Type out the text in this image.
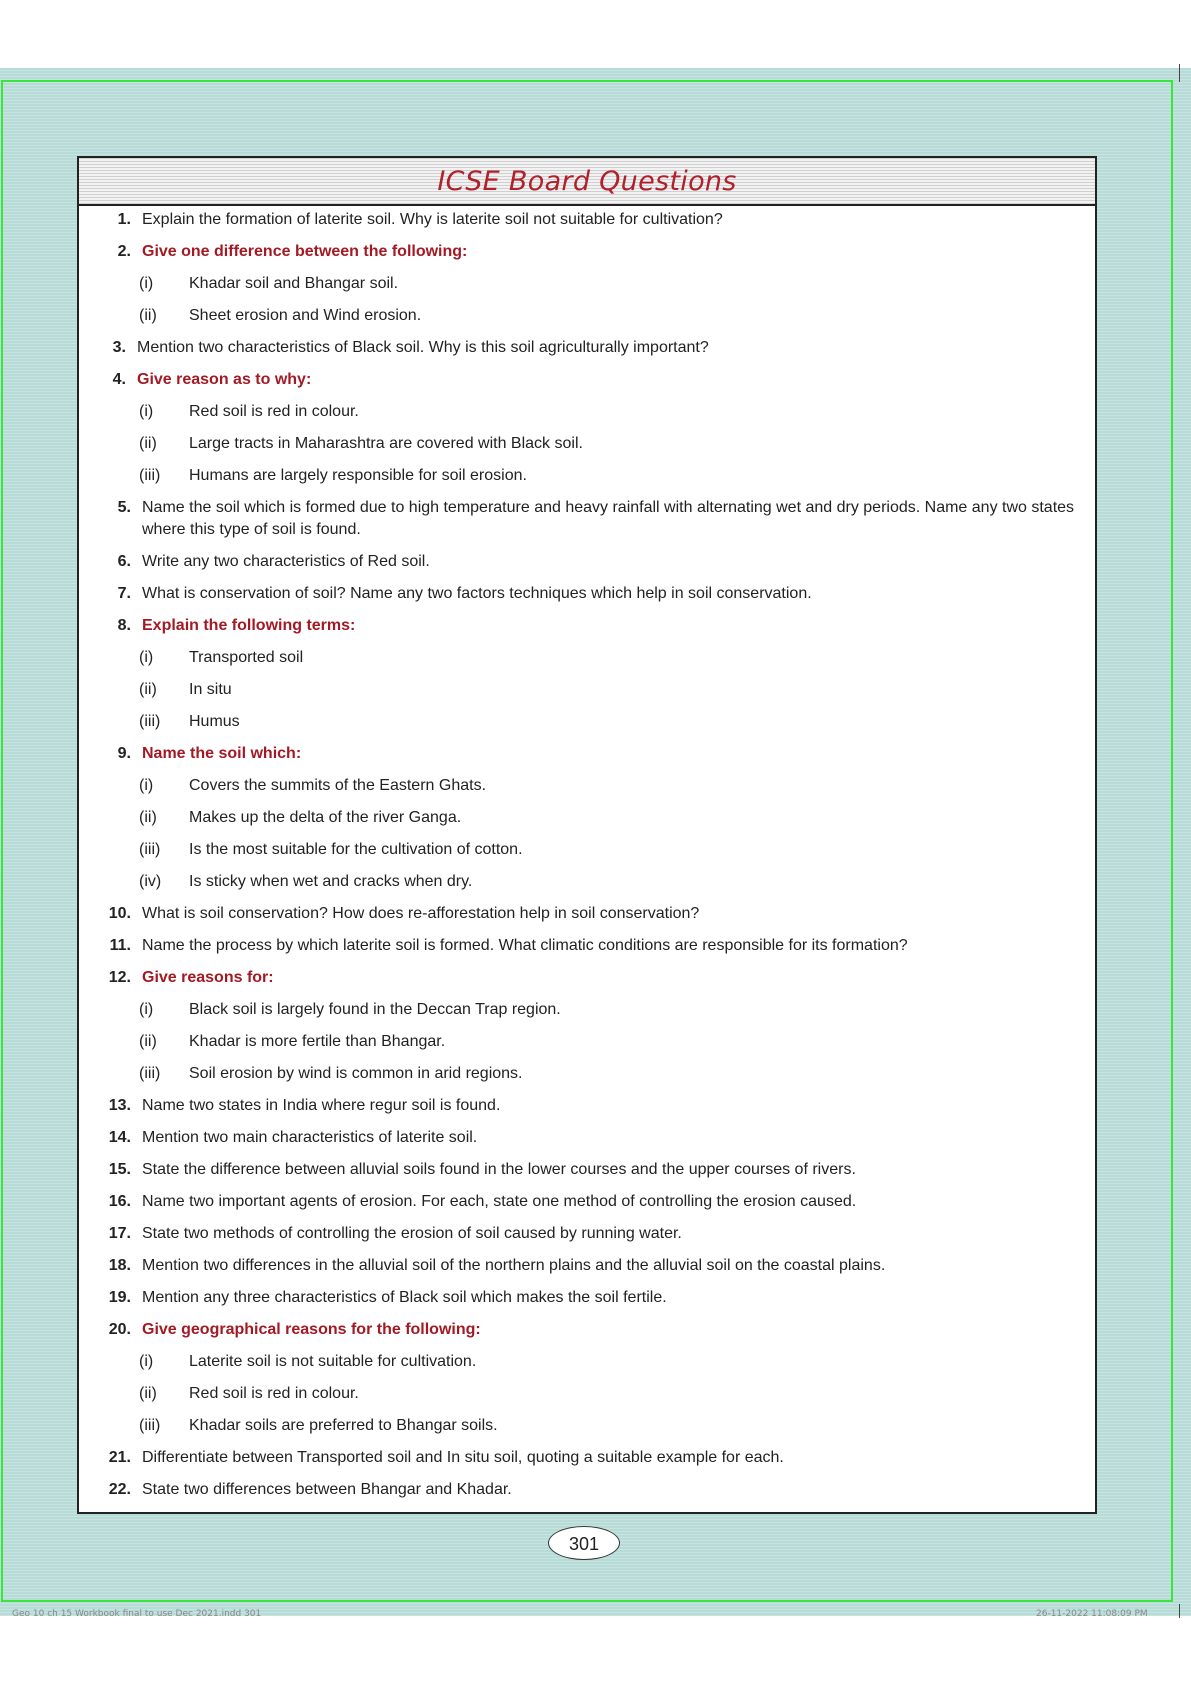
ICSE Board Questions
1. Explain the formation of laterite soil. Why is laterite soil not suitable for cultivation?
2. Give one difference between the following:
(i)	Khadar soil and Bhangar soil.
(ii)	Sheet erosion and Wind erosion.
3. Mention two characteristics of Black soil. Why is this soil agriculturally important?
4. Give reason as to why:
(i)	Red soil is red in colour.
(ii)	Large tracts in Maharashtra are covered with Black soil.
(iii)	Humans are largely responsible for soil erosion.
5. Name the soil which is formed due to high temperature and heavy rainfall with alternating wet and dry periods. Name any two states where this type of soil is found.
6. Write any two characteristics of Red soil.
7. What is conservation of soil? Name any two factors techniques which help in soil conservation.
8. Explain the following terms:
(i)	Transported soil
(ii)	In situ
(iii)	Humus
9. Name the soil which:
(i)	Covers the summits of the Eastern Ghats.
(ii)	Makes up the delta of the river Ganga.
(iii)	Is the most suitable for the cultivation of cotton.
(iv)	Is sticky when wet and cracks when dry.
10. What is soil conservation? How does re-afforestation help in soil conservation?
11. Name the process by which laterite soil is formed. What climatic conditions are responsible for its formation?
12. Give reasons for:
(i)	Black soil is largely found in the Deccan Trap region.
(ii)	Khadar is more fertile than Bhangar.
(iii)	Soil erosion by wind is common in arid regions.
13. Name two states in India where regur soil is found.
14. Mention two main characteristics of laterite soil.
15. State the difference between alluvial soils found in the lower courses and the upper courses of rivers.
16. Name two important agents of erosion. For each, state one method of controlling the erosion caused.
17. State two methods of controlling the erosion of soil caused by running water.
18. Mention two differences in the alluvial soil of the northern plains and the alluvial soil on the coastal plains.
19. Mention any three characteristics of Black soil which makes the soil fertile.
20. Give geographical reasons for the following:
(i)	Laterite soil is not suitable for cultivation.
(ii)	Red soil is red in colour.
(iii)	Khadar soils are preferred to Bhangar soils.
21. Differentiate between Transported soil and In situ soil, quoting a suitable example for each.
22. State two differences between Bhangar and Khadar.
301
Geo 10 ch 15 Workbook final to use Dec 2021.indd 301	26-11-2022 11:08:09 PM
